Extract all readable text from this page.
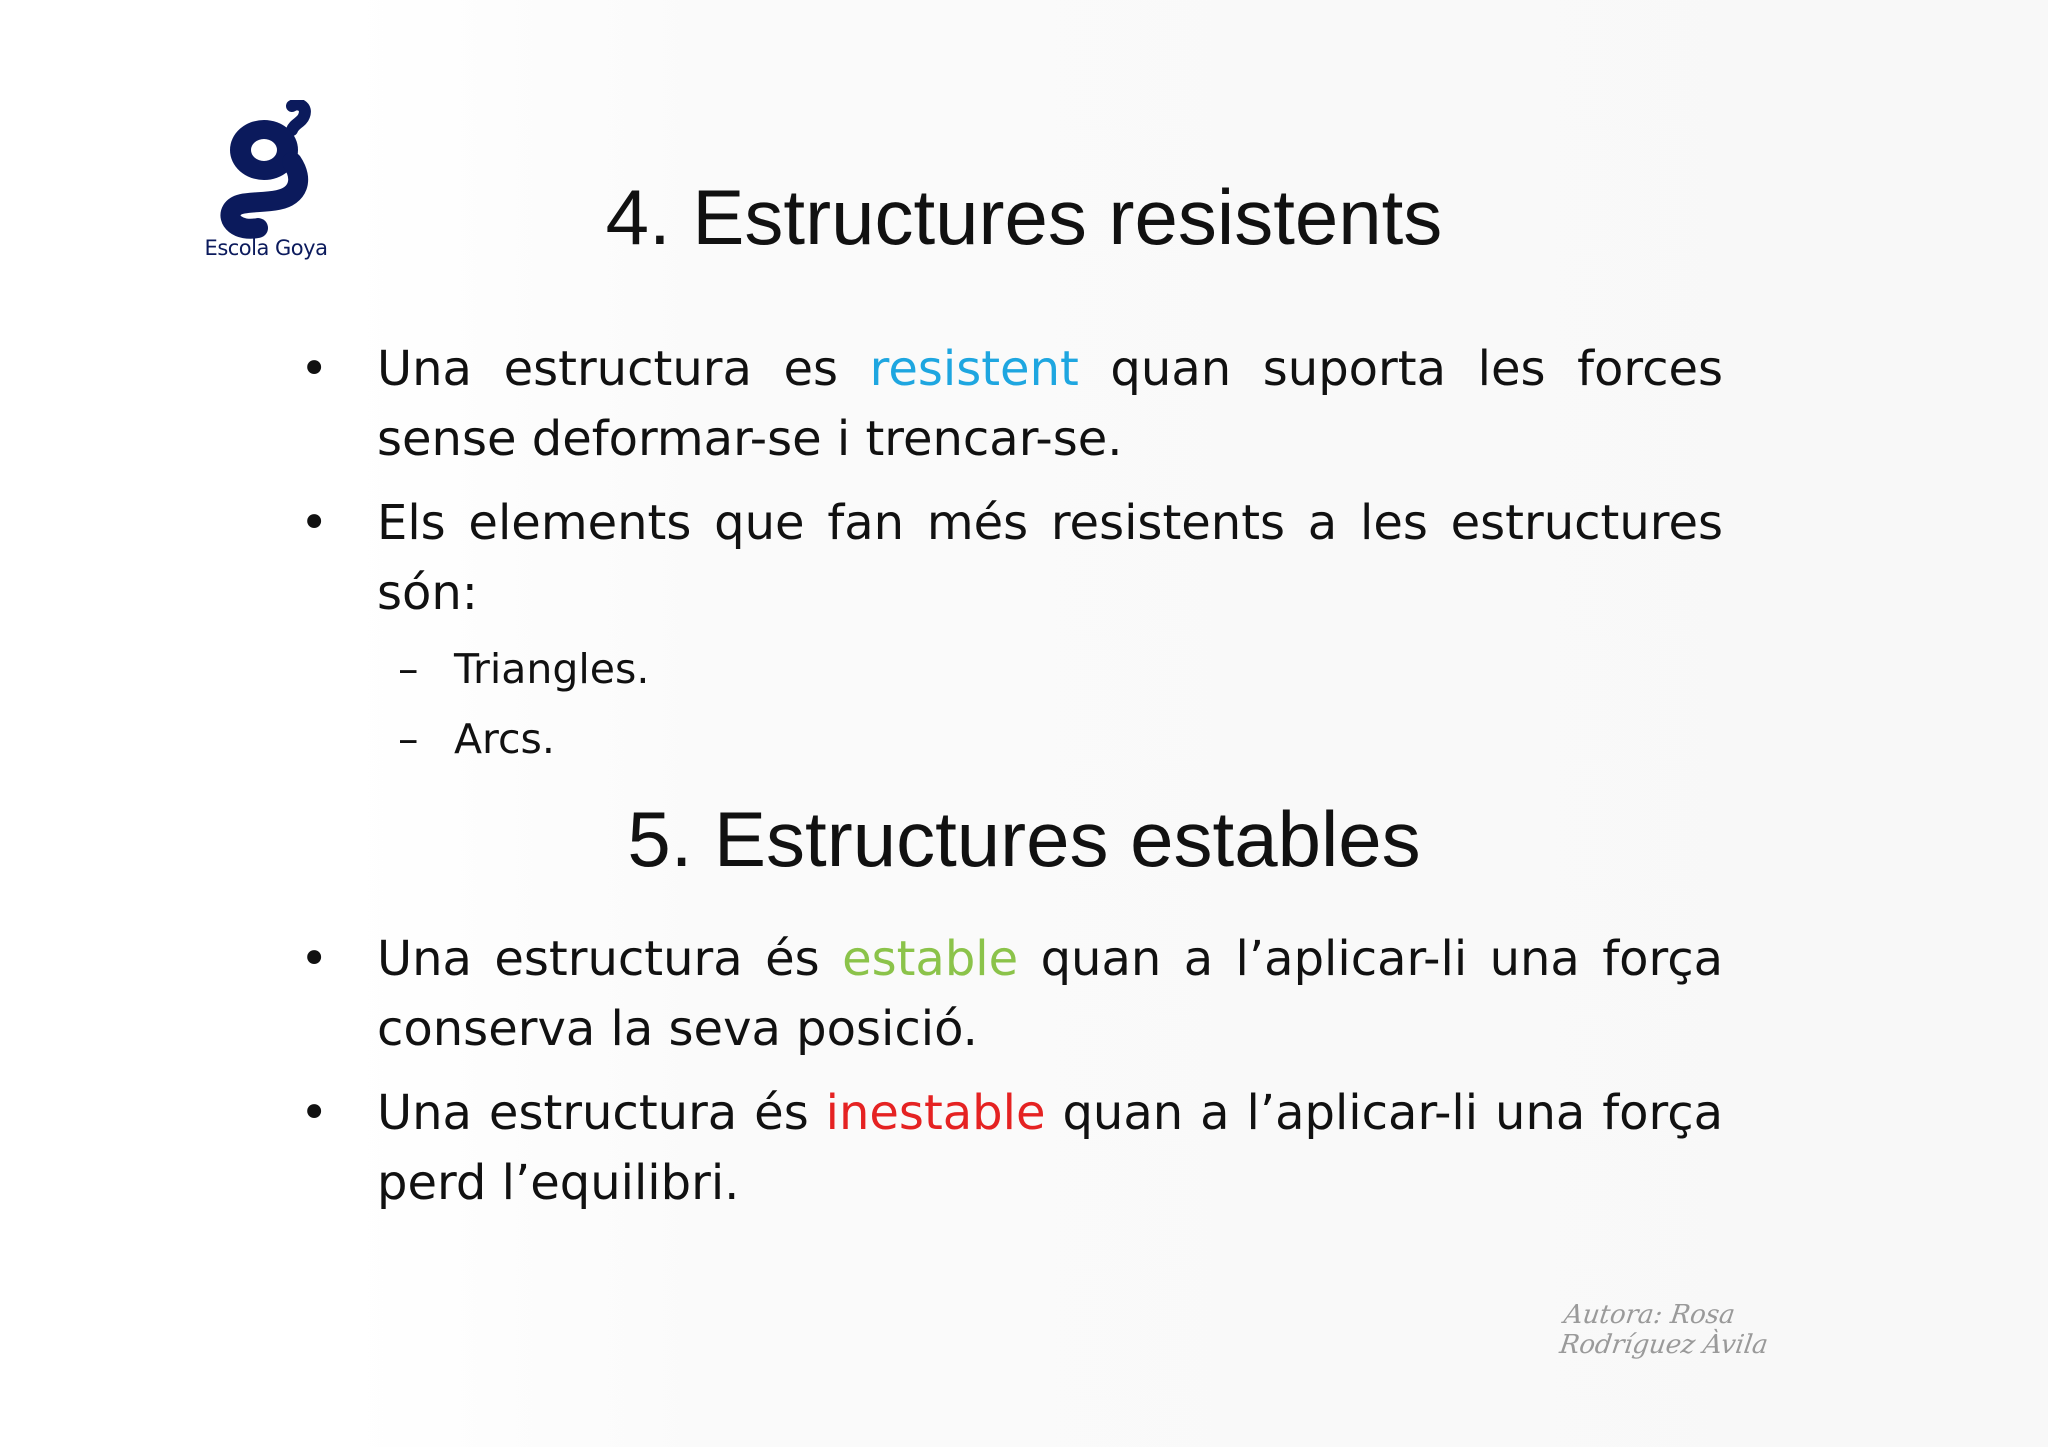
Escola Goya	4. Estructures resistents
• Una estructura es resistent quan suporta les forces sense deformar-se i trencar-se.
• Els elements que fan més resistents a les estructures són:
– Triangles.
– Arcs.
5. Estructures estables
• Una estructura és estable quan a l’aplicar-li una força conserva la seva posició.
• Una estructura és inestable quan a l’aplicar-li una força perd l’equilibri.
Autora: Rosa Rodríguez Àvila
